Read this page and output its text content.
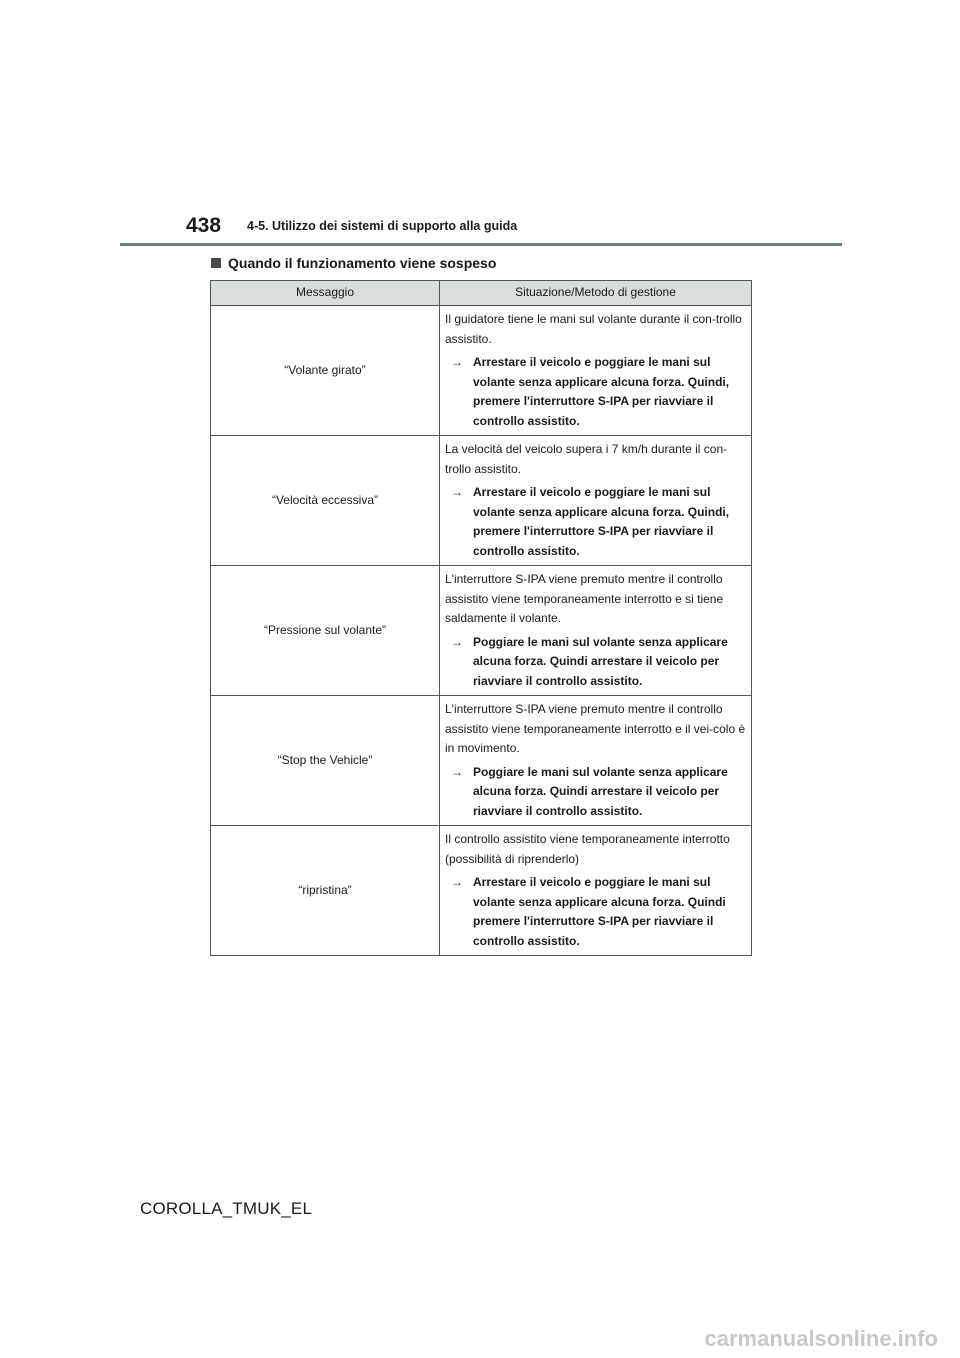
438 4-5. Utilizzo dei sistemi di supporto alla guida
Quando il funzionamento viene sospeso
Messaggio	Situazione/Metodo di gestione
“Volante girato”	Il guidatore tiene le mani sul volante durante il con-trollo assistito.
→ Arrestare il veicolo e poggiare le mani sul volante senza applicare alcuna forza. Quindi, premere l'interruttore S-IPA per riavviare il controllo assistito.

“Velocità eccessiva”	La velocità del veicolo supera i 7 km/h durante il con-trollo assistito.
→ Arrestare il veicolo e poggiare le mani sul volante senza applicare alcuna forza. Quindi, premere l'interruttore S-IPA per riavviare il controllo assistito.

“Pressione sul volante”	L'interruttore S-IPA viene premuto mentre il controllo assistito viene temporaneamente interrotto e si tiene saldamente il volante.
→ Poggiare le mani sul volante senza applicare alcuna forza. Quindi arrestare il veicolo per riavviare il controllo assistito.

“Stop the Vehicle”	L'interruttore S-IPA viene premuto mentre il controllo assistito viene temporaneamente interrotto e il vei-colo è in movimento.
→ Poggiare le mani sul volante senza applicare alcuna forza. Quindi arrestare il veicolo per riavviare il controllo assistito.

“ripristina”	Il controllo assistito viene temporaneamente interrotto (possibilità di riprenderlo)
→ Arrestare il veicolo e poggiare le mani sul volante senza applicare alcuna forza. Quindi premere l'interruttore S-IPA per riavviare il controllo assistito.
COROLLA_TMUK_EL
carmanualsonline.info
